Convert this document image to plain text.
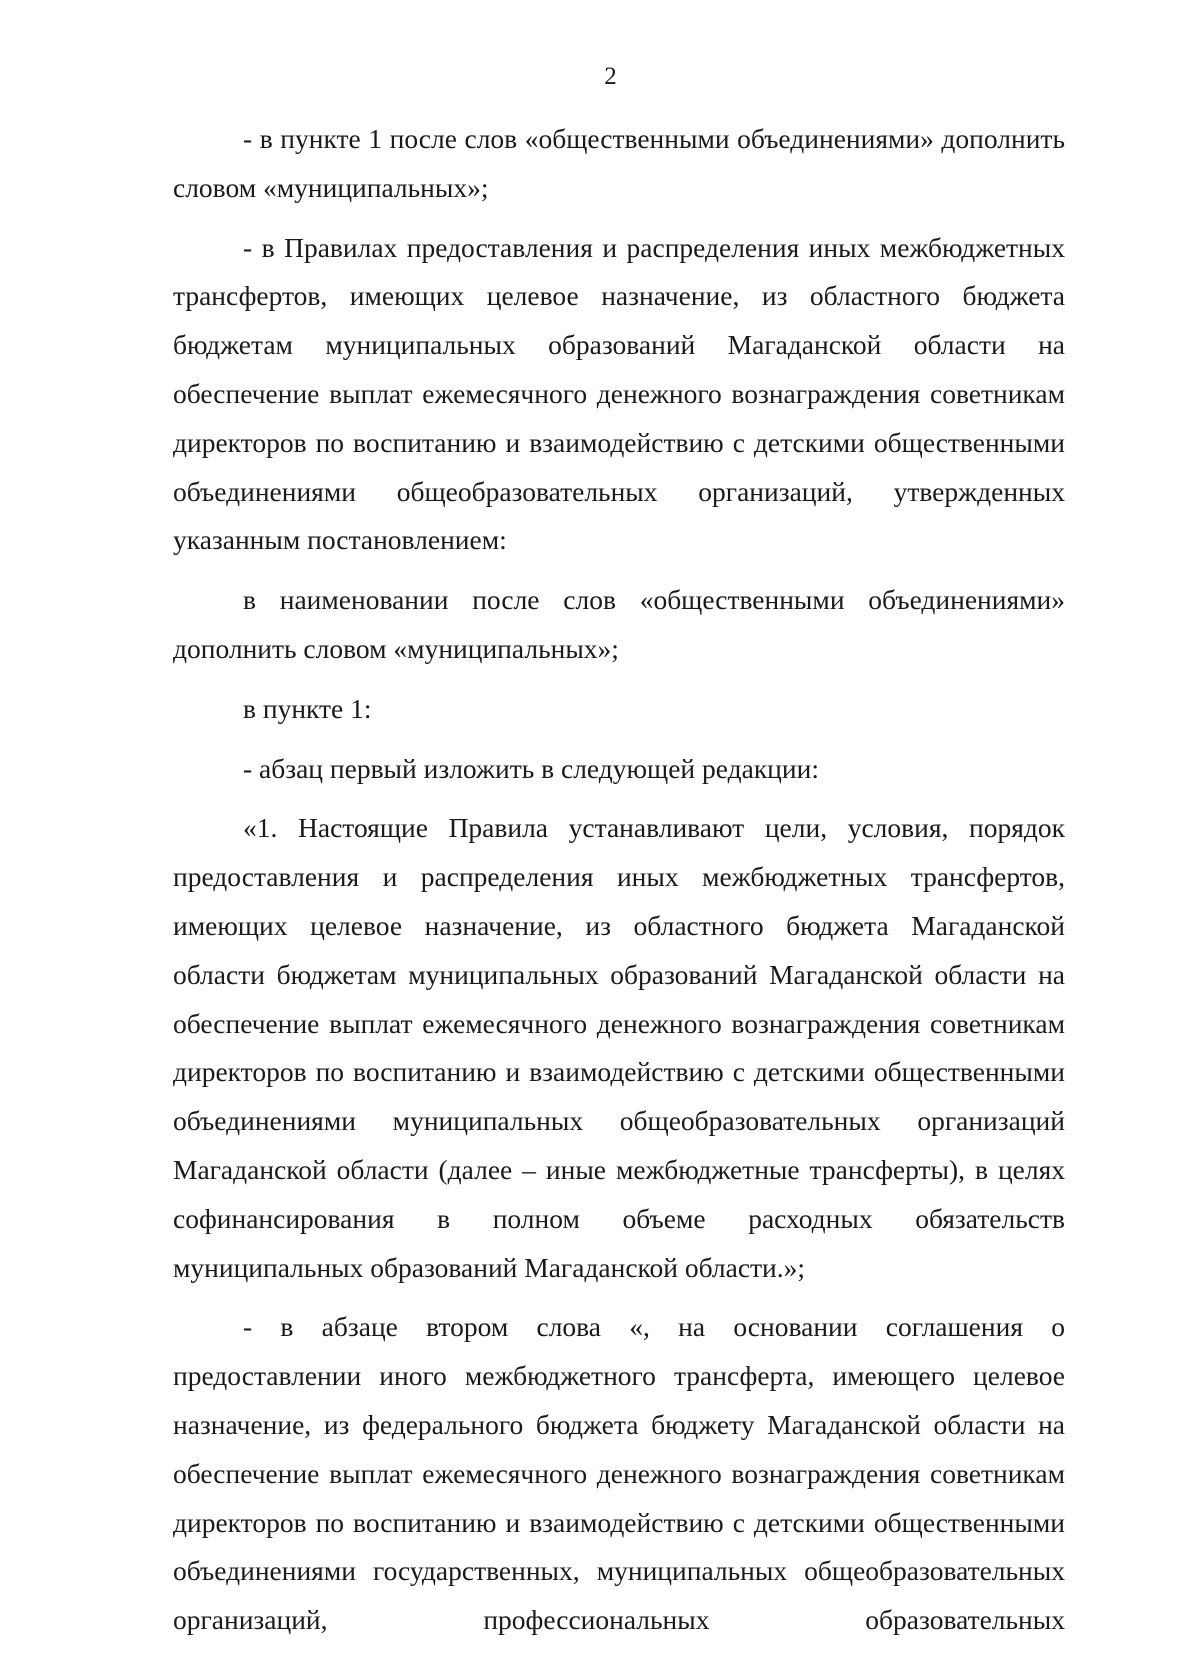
2

- в пункте 1 после слов «общественными объединениями» дополнить словом «муниципальных»;

- в Правилах предоставления и распределения иных межбюджетных трансфертов, имеющих целевое назначение, из областного бюджета бюджетам муниципальных образований Магаданской области на обеспечение выплат ежемесячного денежного вознаграждения советникам директоров по воспитанию и взаимодействию с детскими общественными объединениями общеобразовательных организаций, утвержденных указанным постановлением:

в наименовании после слов «общественными объединениями» дополнить словом «муниципальных»;

в пункте 1:

- абзац первый изложить в следующей редакции:

«1. Настоящие Правила устанавливают цели, условия, порядок предоставления и распределения иных межбюджетных трансфертов, имеющих целевое назначение, из областного бюджета Магаданской области бюджетам муниципальных образований Магаданской области на обеспечение выплат ежемесячного денежного вознаграждения советникам директоров по воспитанию и взаимодействию с детскими общественными объединениями муниципальных общеобразовательных организаций Магаданской области (далее – иные межбюджетные трансферты), в целях софинансирования в полном объеме расходных обязательств муниципальных образований Магаданской области.»;

- в абзаце втором слова «, на основании соглашения о предоставлении иного межбюджетного трансферта, имеющего целевое назначение, из федерального бюджета бюджету Магаданской области на обеспечение выплат ежемесячного денежного вознаграждения советникам директоров по воспитанию и взаимодействию с детскими общественными объединениями государственных, муниципальных общеобразовательных организаций, профессиональных образовательных
